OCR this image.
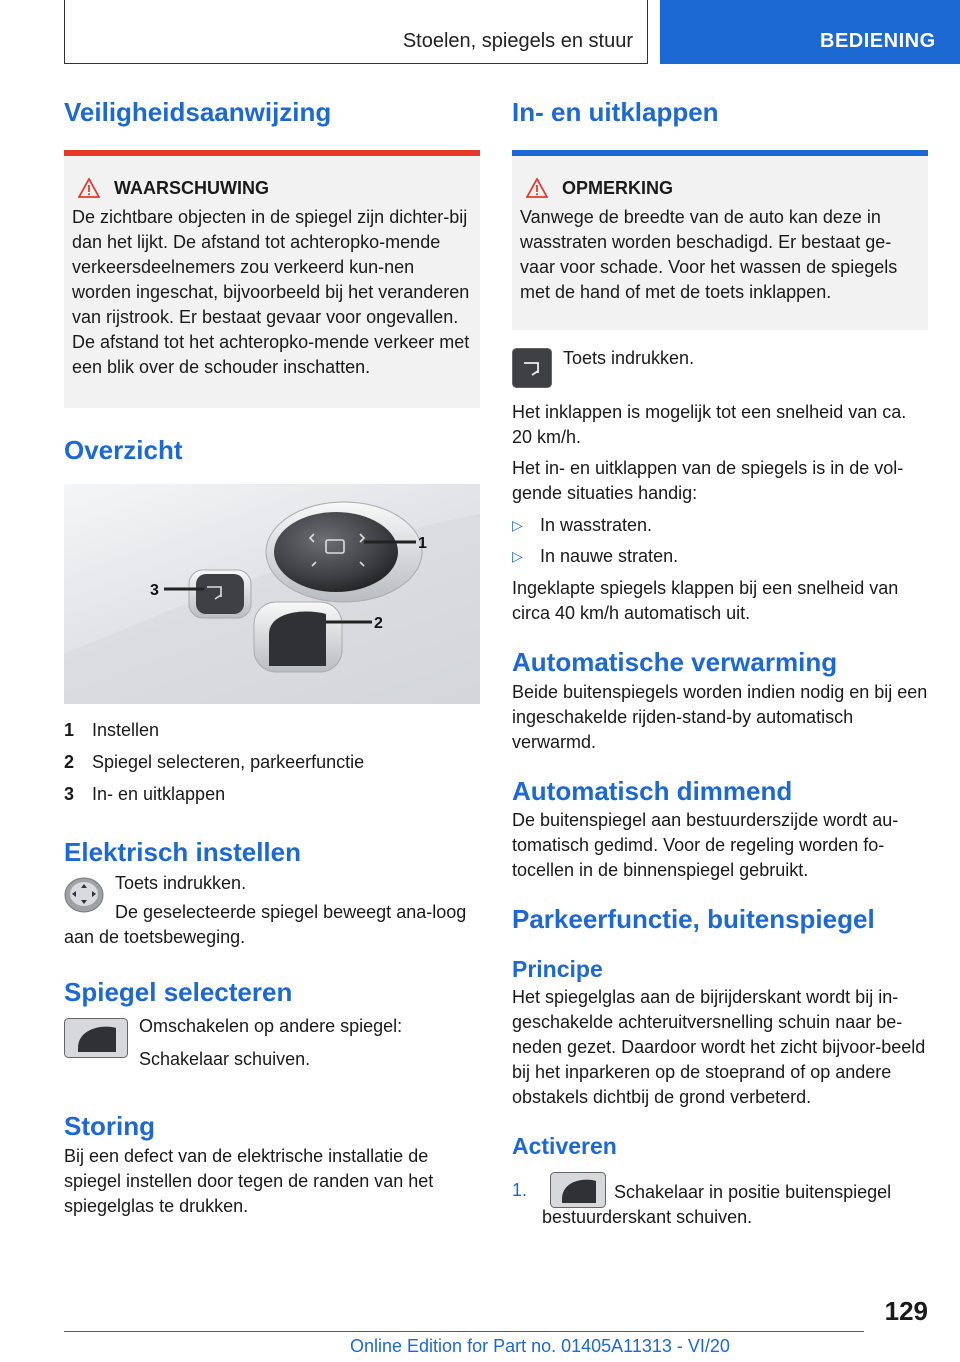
Stoelen, spiegels en stuur	BEDIENING
Veiligheidsaanwijzing
WAARSCHUWING

De zichtbare objecten in de spiegel zijn dichter-bij dan het lijkt. De afstand tot achteropko-mende verkeersdeelnemers zou verkeerd kun-nen worden ingeschat, bijvoorbeeld bij het veranderen van rijstrook. Er bestaat gevaar voor ongevallen. De afstand tot het achteropko-mende verkeer met een blik over de schouder inschatten.

Overzicht
1
2
3
1 Instellen
2 Spiegel selecteren, parkeerfunctie
3 In- en uitklappen
Elektrisch instellen

Toets indrukken.

De geselecteerde spiegel beweegt ana-loog aan de toetsbeweging.

Spiegel selecteren

Omschakelen op andere spiegel:

Schakelaar schuiven.

Storing

Bij een defect van de elektrische installatie de spiegel instellen door tegen de randen van het spiegelglas te drukken.

In- en uitklappen
OPMERKING

Vanwege de breedte van de auto kan deze in wasstraten worden beschadigd. Er bestaat ge-vaar voor schade. Voor het wassen de spiegels met de hand of met de toets inklappen.

Toets indrukken.

Het inklappen is mogelijk tot een snelheid van ca. 20 km/h.

Het in- en uitklappen van de spiegels is in de vol-gende situaties handig:

▷ In wasstraten.
▷ In nauwe straten.

Ingeklapte spiegels klappen bij een snelheid van circa 40 km/h automatisch uit.

Automatische verwarming

Beide buitenspiegels worden indien nodig en bij een ingeschakelde rijden-stand-by automatisch verwarmd.

Automatisch dimmend

De buitenspiegel aan bestuurderszijde wordt au-tomatisch gedimd. Voor de regeling worden fo-tocellen in de binnenspiegel gebruikt.

Parkeerfunctie, buitenspiegel
Principe

Het spiegelglas aan de bijrijderskant wordt bij in-geschakelde achteruitversnelling schuin naar be-neden gezet. Daardoor wordt het zicht bijvoor-beeld bij het inparkeren op de stoeprand of op andere obstakels dichtbij de grond verbeterd.

Activeren
1.	Schakelaar in positie buitenspiegel bestuurderskant schuiven.

129
Online Edition for Part no. 01405A11313 - VI/20
